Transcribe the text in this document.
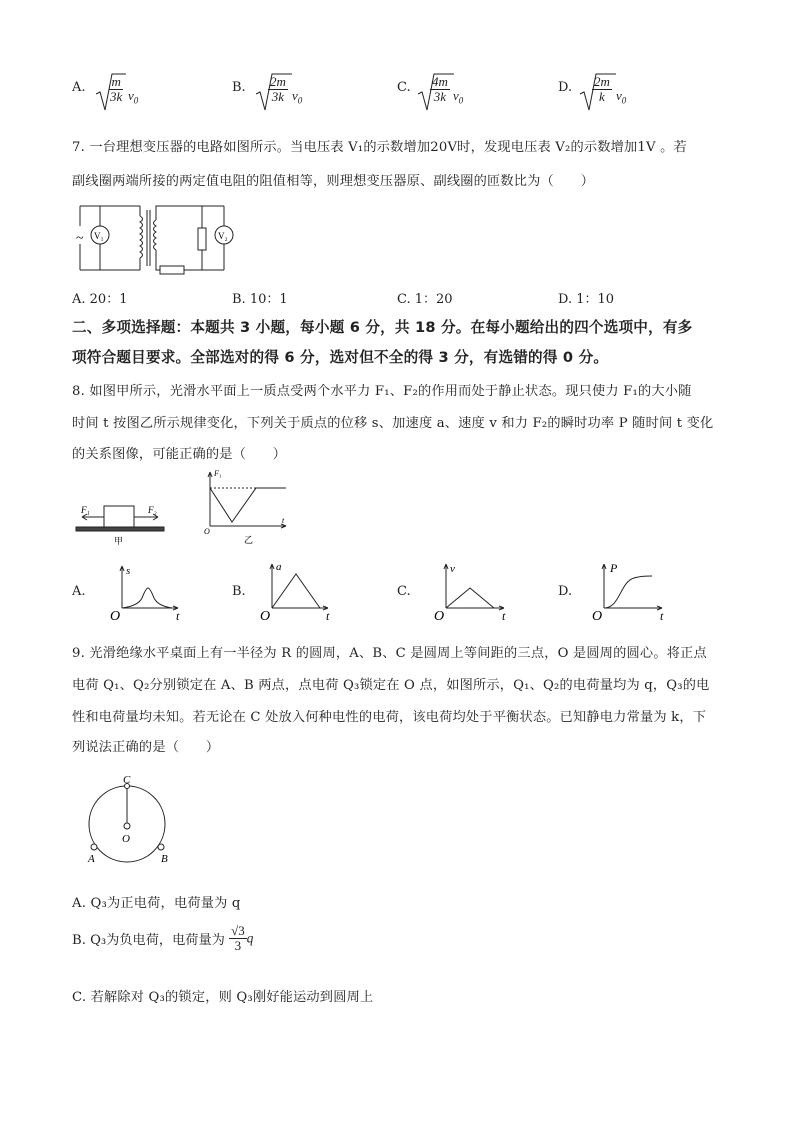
A. $\frac{m}{3k} v_0$
B. $\frac{2m}{3k} v_0$
C. $\frac{4m}{3k} v_0$
D. $\frac{2m}{k} v_0$
7. 一台理想变压器的电路如图所示。当电压表 V₁的示数增加20V时，发现电压表 V₂的示数增加1V 。若
副线圈两端所接的两定值电阻的阻值相等，则理想变压器原、副线圈的匝数比为（　　）
~ V₁	V₂
A. 20：1	B. 10：1	C. 1：20	D. 1：10
二、多项选择题：本题共 3 小题，每小题 6 分，共 18 分。在每小题给出的四个选项中，有多
项符合题目要求。全部选对的得 6 分，选对但不全的得 3 分，有选错的得 0 分。
8. 如图甲所示，光滑水平面上一质点受两个水平力 F₁、F₂的作用而处于静止状态。现只使力 F₁的大小随
时间 t 按图乙所示规律变化，下列关于质点的位移 s、加速度 a、速度 v 和力 F₂的瞬时功率 P 随时间 t 变化
的关系图像，可能正确的是（　　）
F₁	F₂
甲
F₁
O
t
乙
A.
s
O	t
B.
a
O	t
C.
v
O	t
D.
P
O	t
9. 光滑绝缘水平桌面上有一半径为 R 的圆周，A、B、C 是圆周上等间距的三点，O 是圆周的圆心。将正点
电荷 Q₁、Q₂分别锁定在 A、B 两点，点电荷 Q₃锁定在 O 点，如图所示，Q₁、Q₂的电荷量均为 q，Q₃的电
性和电荷量均未知。若无论在 C 处放入何种电性的电荷，该电荷均处于平衡状态。已知静电力常量为 k，下
列说法正确的是（　　）
C
O
A	B
A. Q₃为正电荷，电荷量为 q
B. Q₃为负电荷，电荷量为 $\frac{√3}{3}$ q
C. 若解除对 Q₃的锁定，则 Q₃刚好能运动到圆周上
